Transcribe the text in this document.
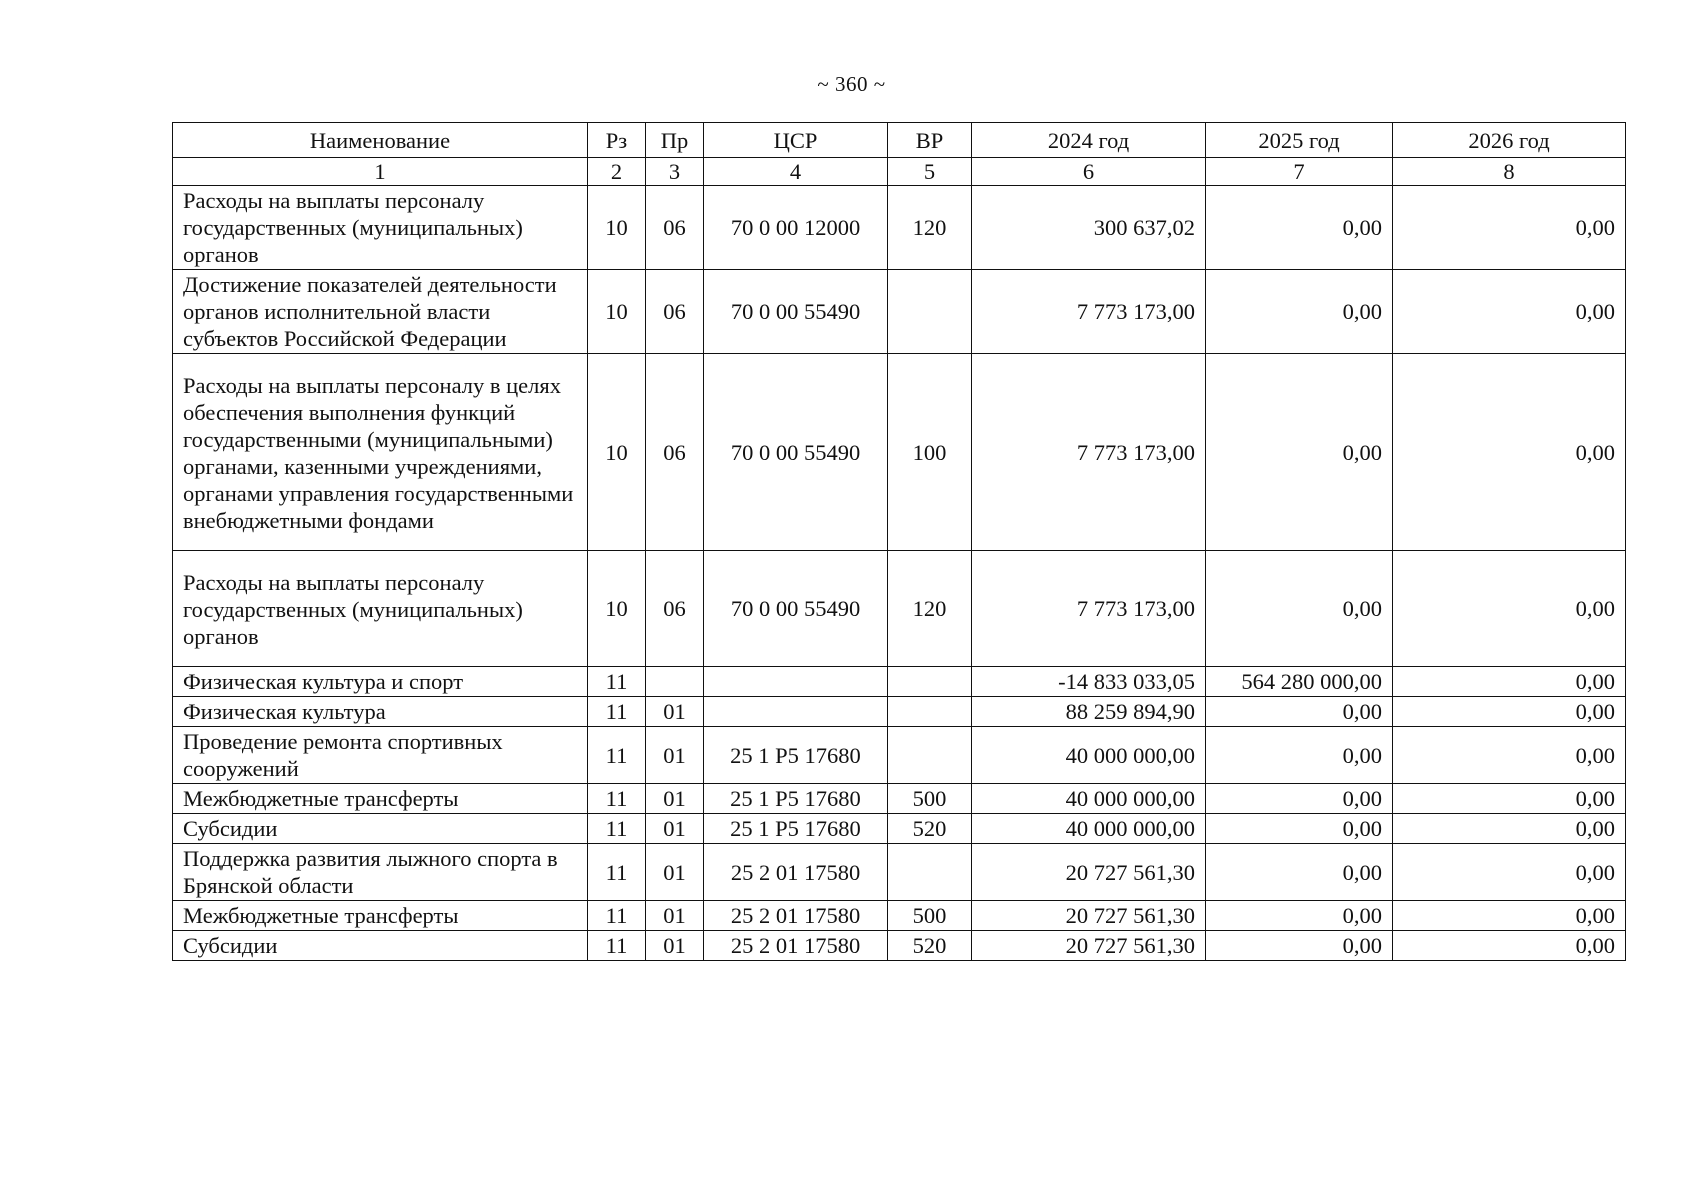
~ 360 ~
Наименование	Рз	Пр	ЦСР	ВР	2024 год	2025 год	2026 год
1	2	3	4	5	6	7	8
Расходы на выплаты персоналу государственных (муниципальных) органов	10	06	70 0 00 12000	120	300 637,02	0,00	0,00
Достижение показателей деятельности органов исполнительной власти субъектов Российской Федерации	10	06	70 0 00 55490		7 773 173,00	0,00	0,00
Расходы на выплаты персоналу в целях обеспечения выполнения функций государственными (муниципальными) органами, казенными учреждениями, органами управления государственными внебюджетными фондами	10	06	70 0 00 55490	100	7 773 173,00	0,00	0,00
Расходы на выплаты персоналу государственных (муниципальных) органов	10	06	70 0 00 55490	120	7 773 173,00	0,00	0,00
Физическая культура и спорт	11				-14 833 033,05	564 280 000,00	0,00
Физическая культура	11	01			88 259 894,90	0,00	0,00
Проведение ремонта спортивных сооружений	11	01	25 1 P5 17680		40 000 000,00	0,00	0,00
Межбюджетные трансферты	11	01	25 1 P5 17680	500	40 000 000,00	0,00	0,00
Субсидии	11	01	25 1 P5 17680	520	40 000 000,00	0,00	0,00
Поддержка развития лыжного спорта в Брянской области	11	01	25 2 01 17580		20 727 561,30	0,00	0,00
Межбюджетные трансферты	11	01	25 2 01 17580	500	20 727 561,30	0,00	0,00
Субсидии	11	01	25 2 01 17580	520	20 727 561,30	0,00	0,00
